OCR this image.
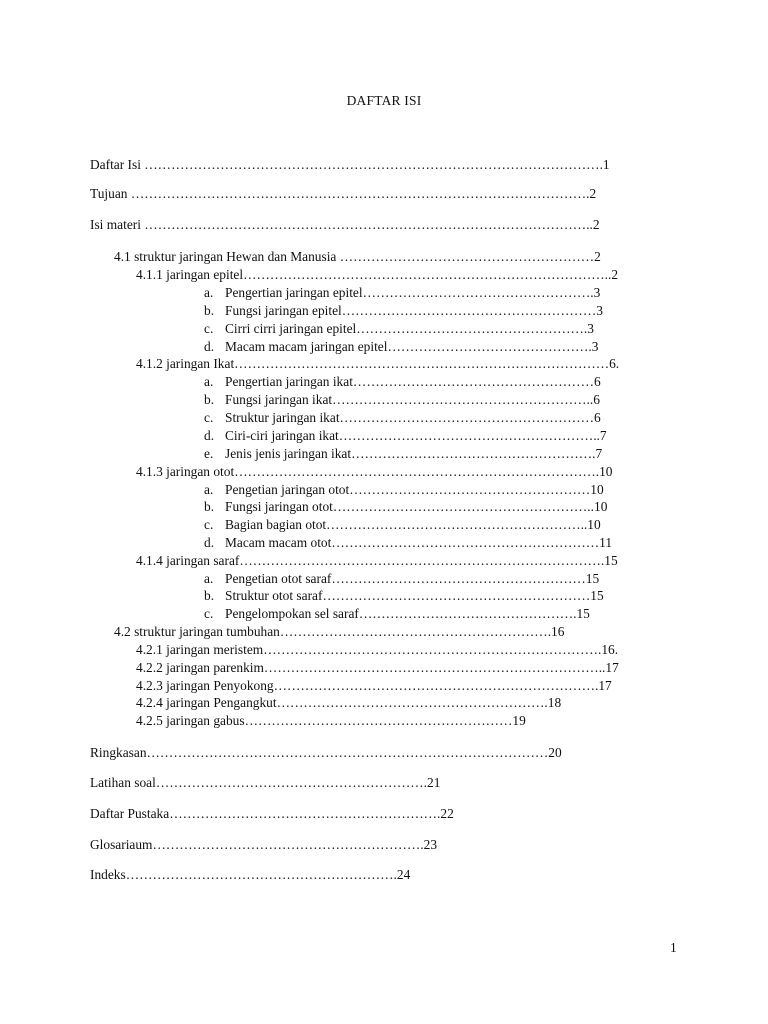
DAFTAR ISI
Daftar Isi ………………………………………………………………………………………….1
Tujuan ………………………………………………………………………………………….2
Isi materi ………………………………………………………………………………………..2
4.1 struktur jaringan Hewan dan Manusia …………………………………………………2
4.1.1 jaringan epitel………………………………………………………………………..2
a. Pengertian jaringan epitel…………………………………………….3
b. Fungsi jaringan epitel…………………………………………………3
c. Cirri cirri jaringan epitel…………………………………………….3
d. Macam macam jaringan epitel……………………………………….3
4.1.2 jaringan Ikat…………………………………………………………………………6.
a. Pengertian jaringan ikat………………………………………………6
b. Fungsi jaringan ikat…………………………………………………..6
c. Struktur jaringan ikat…………………………………………………6
d. Ciri-ciri jaringan ikat…………………………………………………..7
e. Jenis jenis jaringan ikat……………………………………………….7
4.1.3 jaringan otot……………………………………………………………………….10
a. Pengetian jaringan otot………………………………………………10
b. Fungsi jaringan otot…………………………………………………..10
c. Bagian bagian otot…………………………………………………..10
d. Macam macam otot……………………………………………………11
4.1.4 jaringan saraf……………………………………………………………………….15
a. Pengetian otot saraf…………………………………………………15
b. Struktur otot saraf……………………………………………………15
c. Pengelompokan sel saraf………………………………………….15
4.2 struktur jaringan tumbuhan…………………………………………………….16
4.2.1 jaringan meristem………………………………………………………………….16.
4.2.2 jaringan parenkim…………………………………………………………………..17
4.2.3 jaringan Penyokong……………………………………………………………….17
4.2.4 jaringan Pengangkut…………………………………………………….18
4.2.5 jaringan gabus……………………………………………………19
Ringkasan………………………………………………………………………………20
Latihan soal…………………………………………………….21
Daftar Pustaka…………………………………………………….22
Glosariaum…………………………………………………….23
Indeks…………………………………………………….24
1
